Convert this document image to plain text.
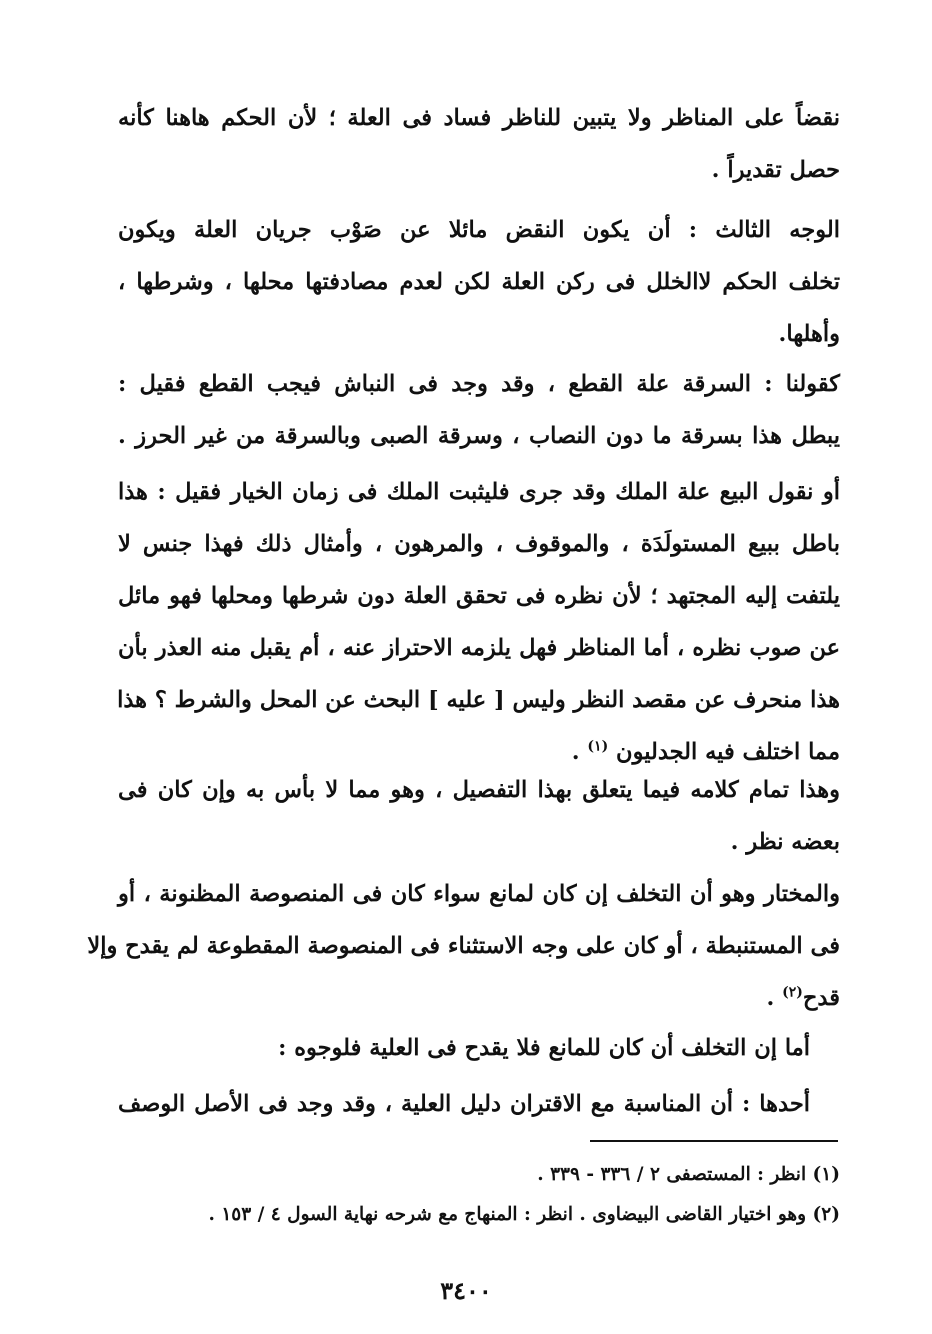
نقضاً على المناظر ولا يتبين للناظر فساد فى العلة ؛ لأن الحكم هاهنا كأنه
حصل تقديراً .
الوجه الثالث : أن يكون النقض مائلا عن صَوْب جريان العلة ويكون
تخلف الحكم لاالخلل فى ركن العلة لكن لعدم مصادفتها محلها ، وشرطها ،
وأهلها.
كقولنا : السرقة علة القطع ، وقد وجد فى النباش فيجب القطع فقيل :
يبطل هذا بسرقة ما دون النصاب ، وسرقة الصبى وبالسرقة من غير الحرز .
أو نقول البيع علة الملك وقد جرى فليثبت الملك فى زمان الخيار فقيل : هذا
باطل ببيع المستولَدَة ، والموقوف ، والمرهون ، وأمثال ذلك فهذا جنس لا
يلتفت إليه المجتهد ؛ لأن نظره فى تحقق العلة دون شرطها ومحلها فهو مائل
عن صوب نظره ، أما المناظر فهل يلزمه الاحتراز عنه ، أم يقبل منه العذر بأن
هذا منحرف عن مقصد النظر وليس [ عليه ] البحث عن المحل والشرط ؟ هذا
مما اختلف فيه الجدليون $^{(١)}$ .
وهذا تمام كلامه فيما يتعلق بهذا التفصيل ، وهو مما لا بأس به وإن كان فى
بعضه نظر .
والمختار وهو أن التخلف إن كان لمانع سواء كان فى المنصوصة المظنونة ، أو
فى المستنبطة ، أو كان على وجه الاستثناء فى المنصوصة المقطوعة لم يقدح وإلا
قدح$^{(٢)}$ .
أما إن التخلف أن كان للمانع فلا يقدح فى العلية فلوجوه :
أحدها : أن المناسبة مع الاقتران دليل العلية ، وقد وجد فى الأصل الوصف
(١) انظر : المستصفى ٢ / ٣٣٦ - ٣٣٩ .
(٢) وهو اختيار القاضى البيضاوى . انظر : المنهاج مع شرحه نهاية السول ٤ / ١٥٣ .
٣٤٠٠
